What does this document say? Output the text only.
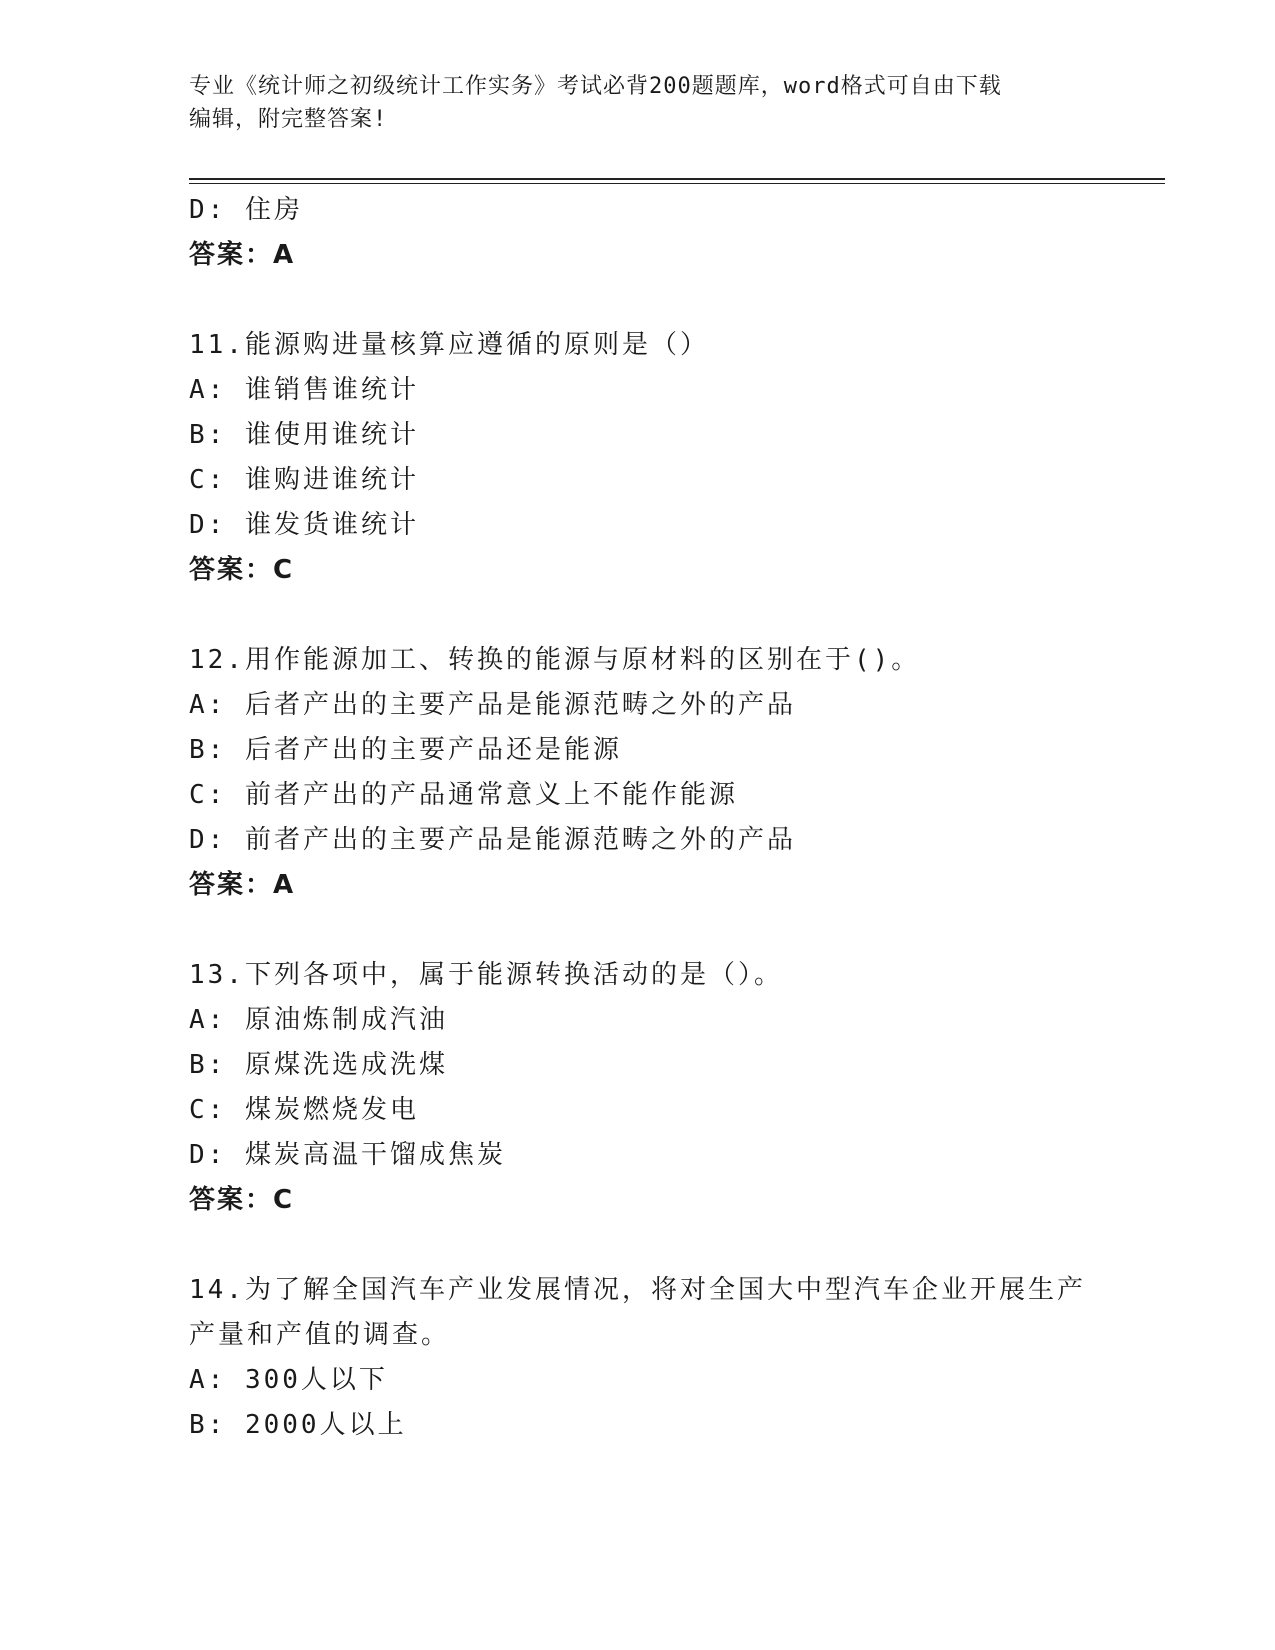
专业《统计师之初级统计工作实务》考试必背200题题库，word格式可自由下载
编辑，附完整答案!
D: 住房
答案：A
11.能源购进量核算应遵循的原则是（）
A: 谁销售谁统计
B: 谁使用谁统计
C: 谁购进谁统计
D: 谁发货谁统计
答案：C
12.用作能源加工、转换的能源与原材料的区别在于()。
A: 后者产出的主要产品是能源范畴之外的产品
B: 后者产出的主要产品还是能源
C: 前者产出的产品通常意义上不能作能源
D: 前者产出的主要产品是能源范畴之外的产品
答案：A
13.下列各项中，属于能源转换活动的是（）。
A: 原油炼制成汽油
B: 原煤洗选成洗煤
C: 煤炭燃烧发电
D: 煤炭高温干馏成焦炭
答案：C
14.为了解全国汽车产业发展情况，将对全国大中型汽车企业开展生产
产量和产值的调查。
A: 300人以下
B: 2000人以上
